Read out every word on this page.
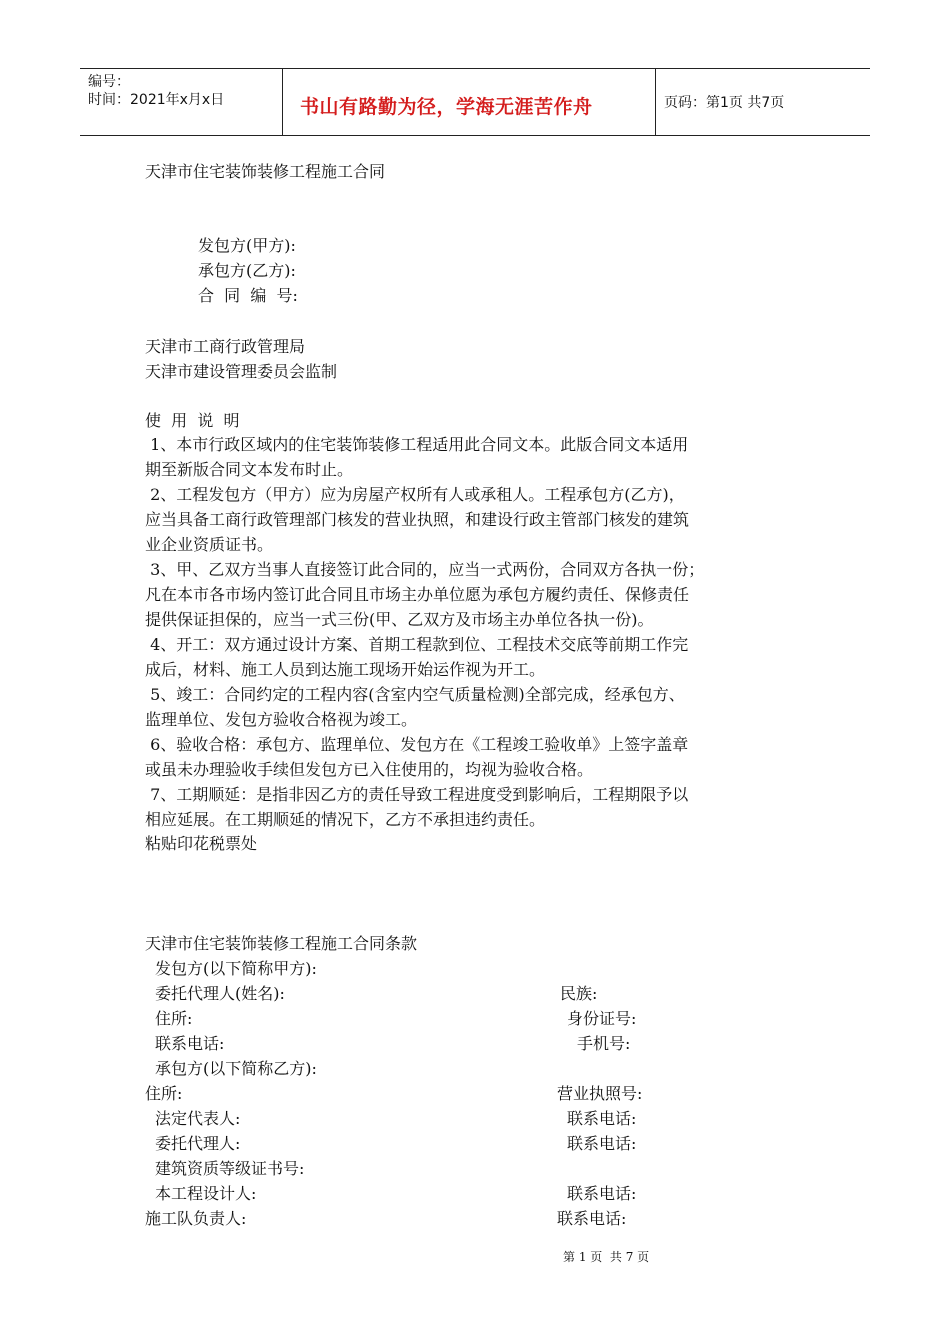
编号：
时间：2021年x月x日	书山有路勤为径，学海无涯苦作舟	页码：第1页 共7页
天津市住宅装饰装修工程施工合同
发包方(甲方):
承包方(乙方):
合  同  编  号:
天津市工商行政管理局
天津市建设管理委员会监制
使  用  说  明
1、本市行政区域内的住宅装饰装修工程适用此合同文本。此版合同文本适用
期至新版合同文本发布时止。
2、工程发包方（甲方）应为房屋产权所有人或承租人。工程承包方(乙方)，
应当具备工商行政管理部门核发的营业执照，和建设行政主管部门核发的建筑
业企业资质证书。
3、甲、乙双方当事人直接签订此合同的，应当一式两份，合同双方各执一份；
凡在本市各市场内签订此合同且市场主办单位愿为承包方履约责任、保修责任
提供保证担保的，应当一式三份(甲、乙双方及市场主办单位各执一份)。
4、开工：双方通过设计方案、首期工程款到位、工程技术交底等前期工作完
成后，材料、施工人员到达施工现场开始运作视为开工。
5、竣工：合同约定的工程内容(含室内空气质量检测)全部完成，经承包方、
监理单位、发包方验收合格视为竣工。
6、验收合格：承包方、监理单位、发包方在《工程竣工验收单》上签字盖章
或虽未办理验收手续但发包方已入住使用的，均视为验收合格。
7、工期顺延：是指非因乙方的责任导致工程进度受到影响后，工程期限予以
相应延展。在工期顺延的情况下，乙方不承担违约责任。
粘贴印花税票处
天津市住宅装饰装修工程施工合同条款
发包方(以下简称甲方):
委托代理人(姓名):	民族:
住所:	身份证号:
联系电话:	手机号:
承包方(以下简称乙方):
住所:	营业执照号:
法定代表人:	联系电话:
委托代理人:	联系电话:
建筑资质等级证书号:
本工程设计人:	联系电话:
施工队负责人:	联系电话:
第 1 页  共 7 页
